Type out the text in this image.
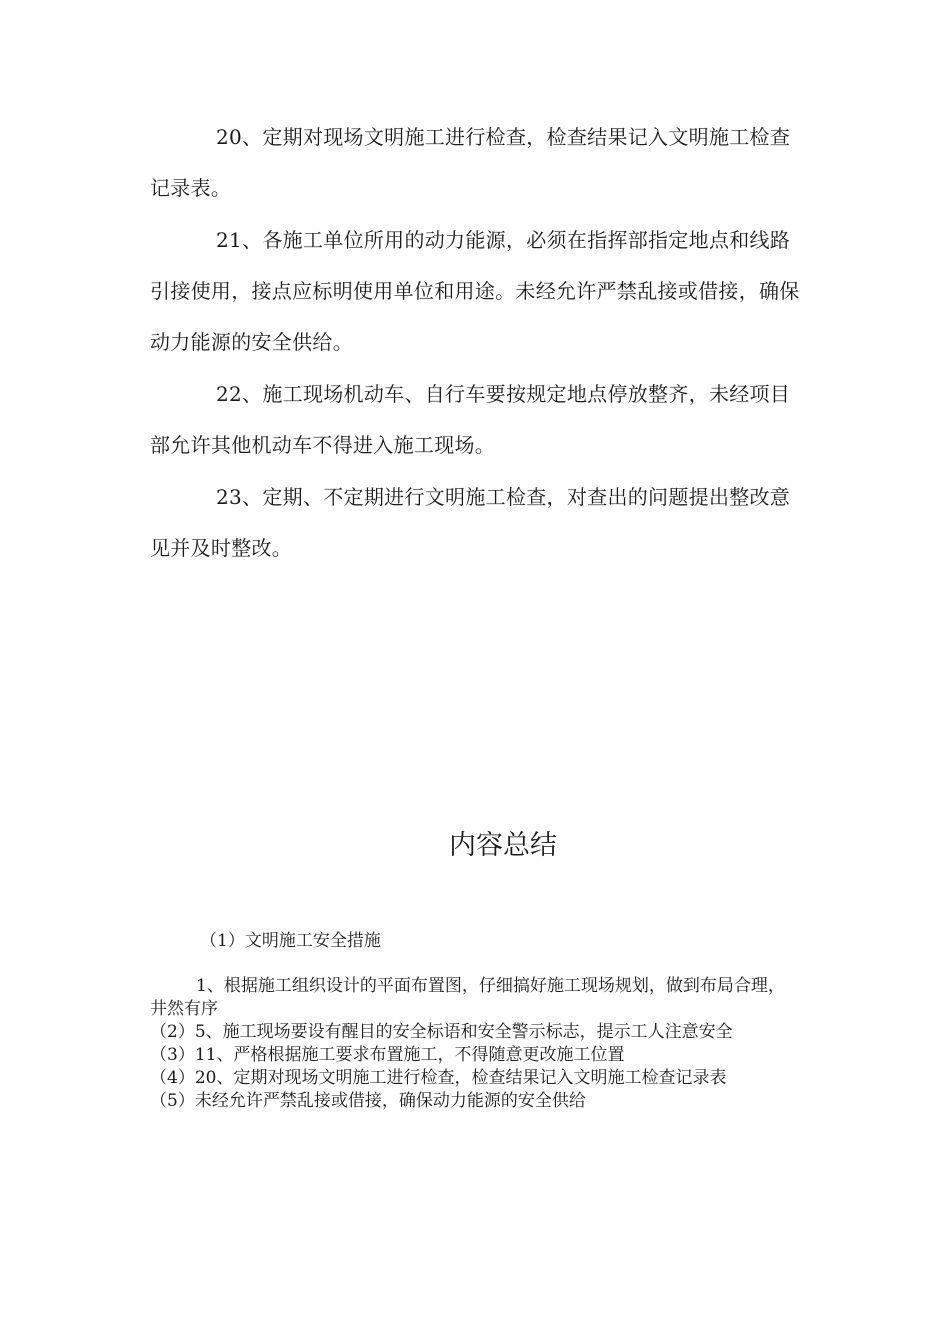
20、定期对现场文明施工进行检查，检查结果记入文明施工检查记录表。

21、各施工单位所用的动力能源，必须在指挥部指定地点和线路引接使用，接点应标明使用单位和用途。未经允许严禁乱接或借接，确保动力能源的安全供给。

22、施工现场机动车、自行车要按规定地点停放整齐，未经项目部允许其他机动车不得进入施工现场。

23、定期、不定期进行文明施工检查，对查出的问题提出整改意见并及时整改。

内容总结

（1）文明施工安全措施

1、根据施工组织设计的平面布置图，仔细搞好施工现场规划，做到布局合理，井然有序

（2）5、施工现场要设有醒目的安全标语和安全警示标志，提示工人注意安全

（3）11、严格根据施工要求布置施工，不得随意更改施工位置

（4）20、定期对现场文明施工进行检查，检查结果记入文明施工检查记录表

（5）未经允许严禁乱接或借接，确保动力能源的安全供给
